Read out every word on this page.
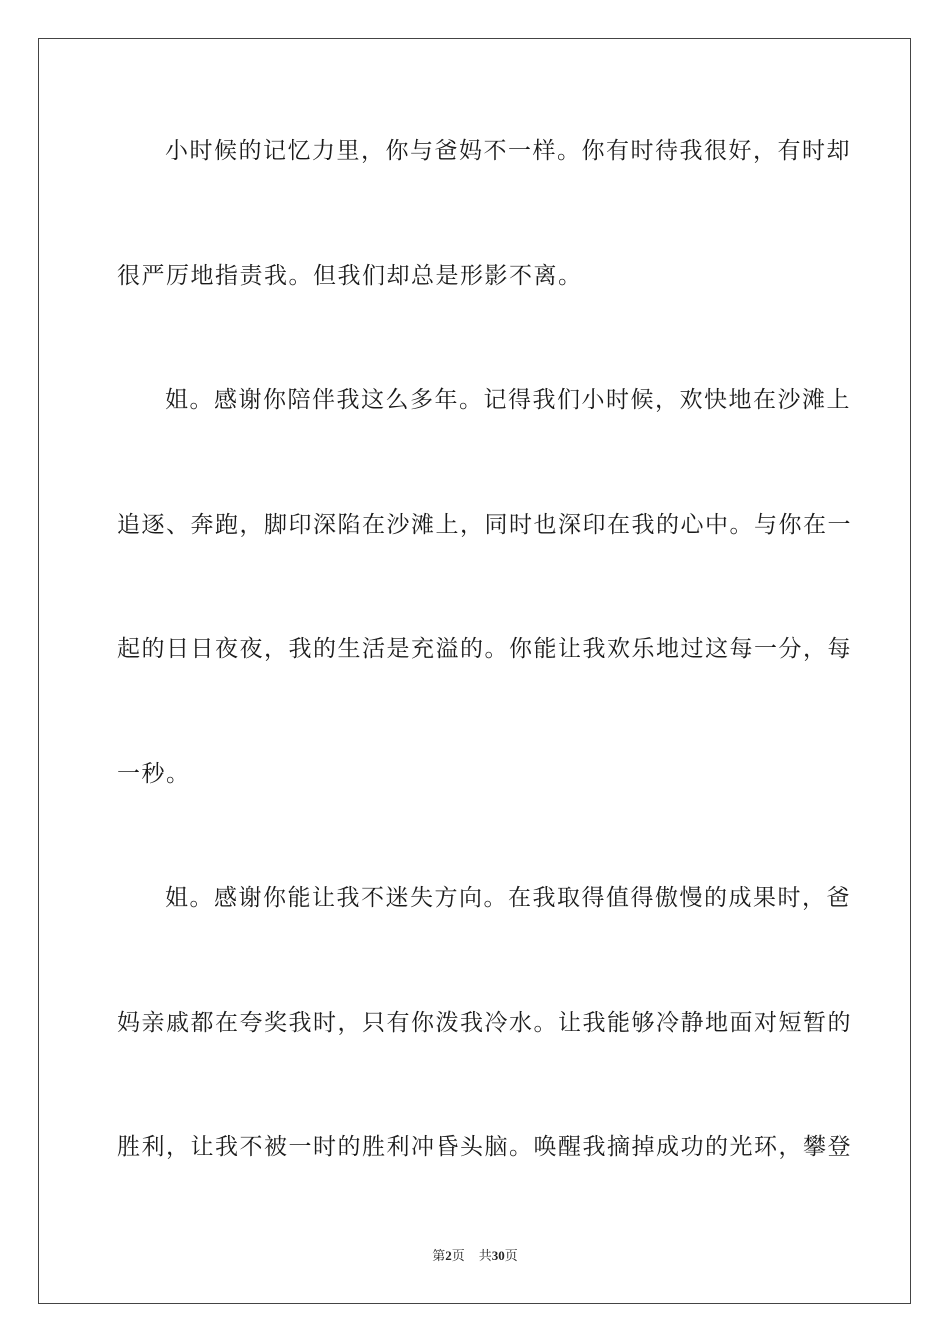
小时候的记忆力里，你与爸妈不一样。你有时待我很好，有时却
很严厉地指责我。但我们却总是形影不离。
姐。感谢你陪伴我这么多年。记得我们小时候，欢快地在沙滩上
追逐、奔跑，脚印深陷在沙滩上，同时也深印在我的心中。与你在一
起的日日夜夜，我的生活是充溢的。你能让我欢乐地过这每一分，每
一秒。
姐。感谢你能让我不迷失方向。在我取得值得傲慢的成果时，爸
妈亲戚都在夸奖我时，只有你泼我冷水。让我能够冷静地面对短暂的
胜利，让我不被一时的胜利冲昏头脑。唤醒我摘掉成功的光环，攀登
第2页 共30页
